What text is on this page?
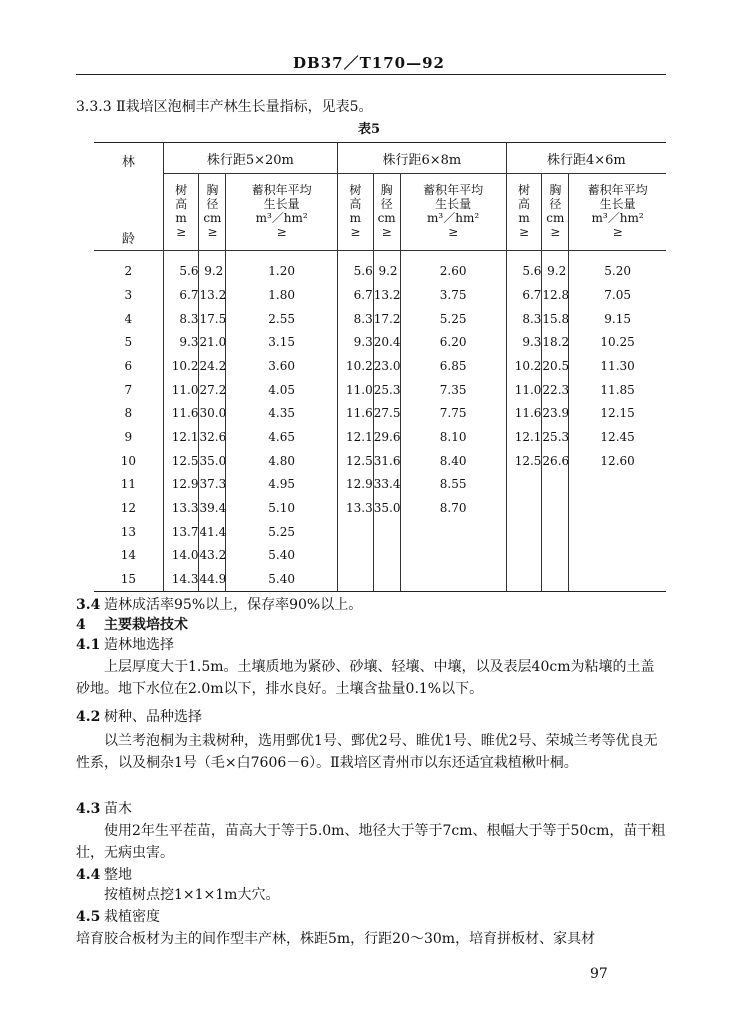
DB37／T170—92
3.3.3 Ⅱ栽培区泡桐丰产林生长量指标，见表5。
表5
林
龄	株行距5×20m			株行距6×8m			株行距4×6m		

	树
高
m
≥	胸
径
cm
≥	蓄积年平均
生长量
m³／hm²
≥	树
高
m
≥	胸
径
cm
≥	蓄积年平均
生长量
m³／hm²
≥	树
高
m
≥	胸
径
cm
≥	蓄积年平均
生长量
m³／hm²
≥

2	5.6	9.2	1.20	5.6	9.2	2.60	5.6	9.2	5.20
3	6.7	13.2	1.80	6.7	13.2	3.75	6.7	12.8	7.05
4	8.3	17.5	2.55	8.3	17.2	5.25	8.3	15.8	9.15
5	9.3	21.0	3.15	9.3	20.4	6.20	9.3	18.2	10.25
6	10.2	24.2	3.60	10.2	23.0	6.85	10.2	20.5	11.30
7	11.0	27.2	4.05	11.0	25.3	7.35	11.0	22.3	11.85
8	11.6	30.0	4.35	11.6	27.5	7.75	11.6	23.9	12.15
9	12.1	32.6	4.65	12.1	29.6	8.10	12.1	25.3	12.45
10	12.5	35.0	4.80	12.5	31.6	8.40	12.5	26.6	12.60
11	12.9	37.3	4.95	12.9	33.4	8.55			
12	13.3	39.4	5.10	13.3	35.0	8.70			
13	13.7	41.4	5.25						
14	14.0	43.2	5.40						
15	14.3	44.9	5.40						
3.4 造林成活率95%以上，保存率90%以上。
4 主要栽培技术
4.1 造林地选择
上层厚度大于1.5m。土壤质地为紧砂、砂壤、轻壤、中壤，以及表层40cm为粘壤的土盖砂地。地下水位在2.0m以下，排水良好。土壤含盐量0.1%以下。
4.2 树种、品种选择
以兰考泡桐为主栽树种，选用鄄优1号、鄄优2号、睢优1号、睢优2号、荣城兰考等优良无性系，以及桐杂1号（毛×白7606－6）。Ⅱ栽培区青州市以东还适宜栽植楸叶桐。
4.3 苗木
使用2年生平茬苗，苗高大于等于5.0m、地径大于等于7cm、根幅大于等于50cm，苗干粗壮，无病虫害。
4.4 整地
按植树点挖1×1×1m大穴。
4.5 栽植密度
培育胶合板材为主的间作型丰产林，株距5m，行距20～30m，培育拼板材、家具材
97
